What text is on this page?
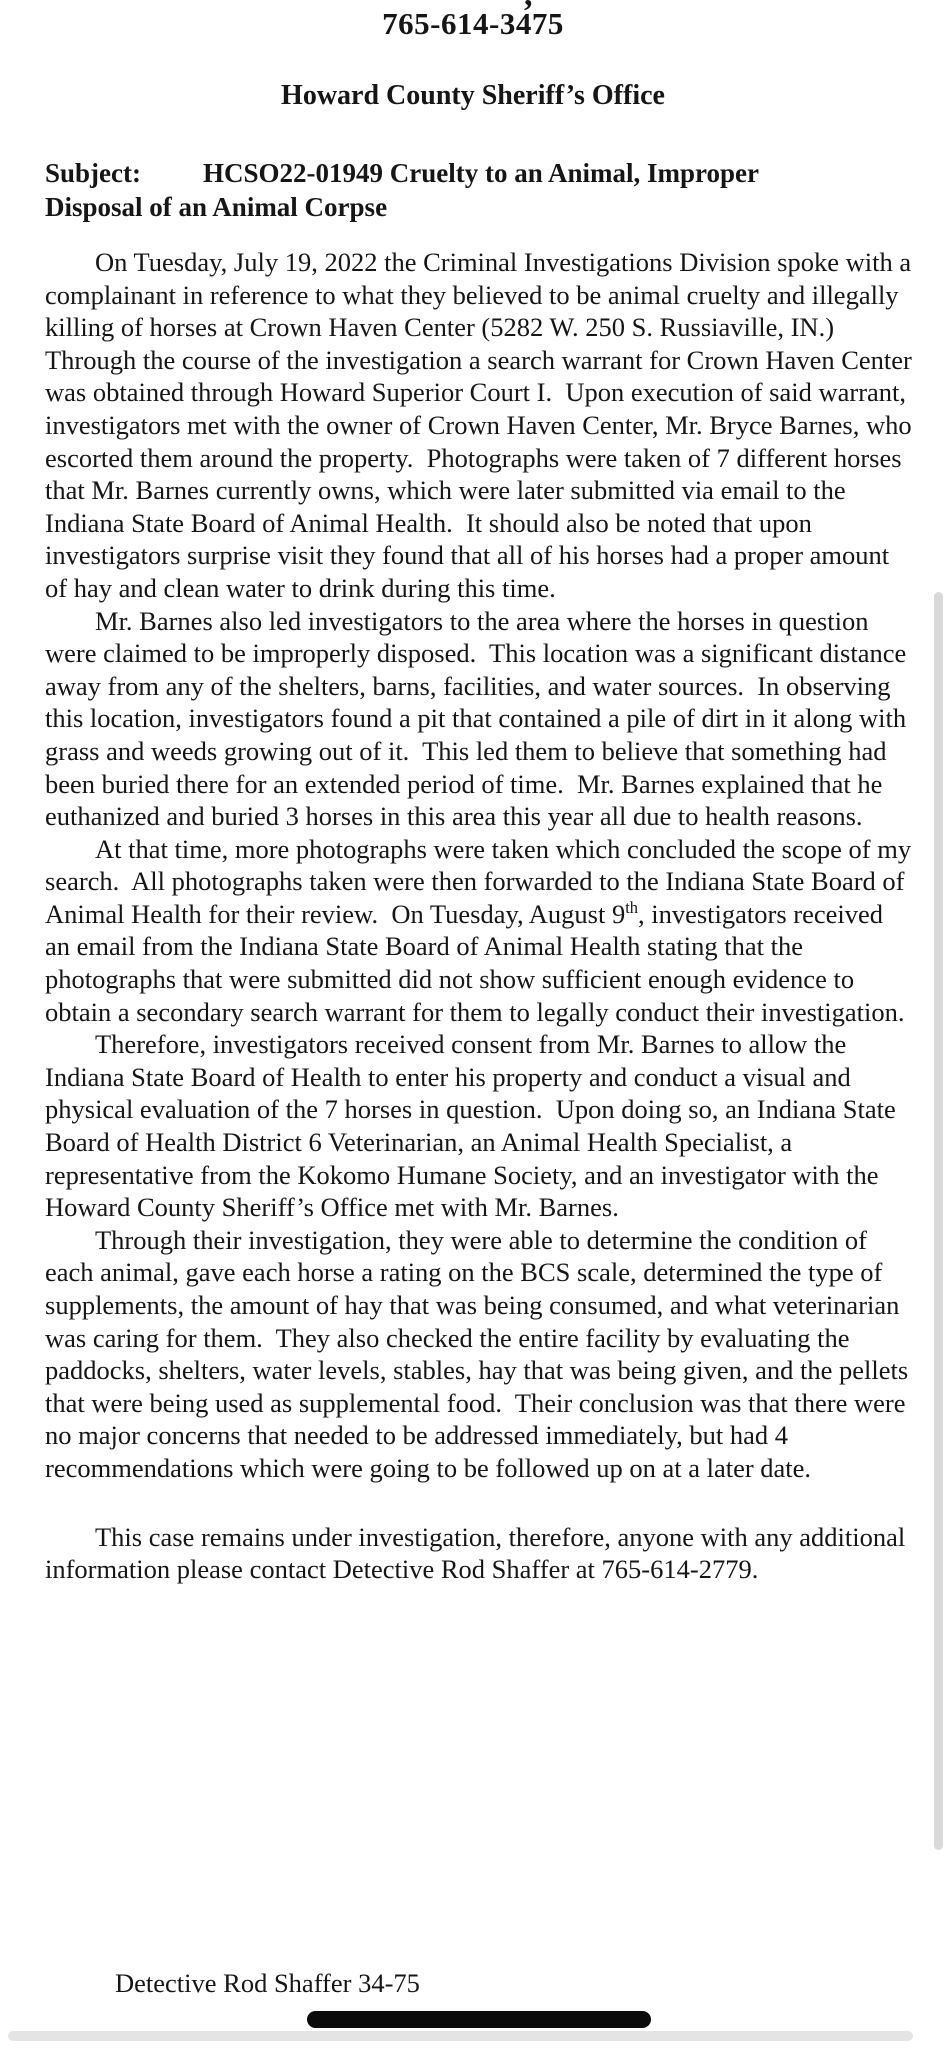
765-614-3475
Howard County Sheriff’s Office
Subject: HCSO22-01949 Cruelty to an Animal, Improper
Disposal of an Animal Corpse

On Tuesday, July 19, 2022 the Criminal Investigations Division spoke with a complainant in reference to what they believed to be animal cruelty and illegally killing of horses at Crown Haven Center (5282 W. 250 S. Russiaville, IN.)  Through the course of the investigation a search warrant for Crown Haven Center was obtained through Howard Superior Court I.  Upon execution of said warrant, investigators met with the owner of Crown Haven Center, Mr. Bryce Barnes, who escorted them around the property.  Photographs were taken of 7 different horses that Mr. Barnes currently owns, which were later submitted via email to the Indiana State Board of Animal Health.  It should also be noted that upon investigators surprise visit they found that all of his horses had a proper amount of hay and clean water to drink during this time.

Mr. Barnes also led investigators to the area where the horses in question were claimed to be improperly disposed.  This location was a significant distance away from any of the shelters, barns, facilities, and water sources.  In observing this location, investigators found a pit that contained a pile of dirt in it along with grass and weeds growing out of it.  This led them to believe that something had been buried there for an extended period of time.  Mr. Barnes explained that he euthanized and buried 3 horses in this area this year all due to health reasons.

At that time, more photographs were taken which concluded the scope of my search.  All photographs taken were then forwarded to the Indiana State Board of Animal Health for their review.  On Tuesday, August 9th, investigators received an email from the Indiana State Board of Animal Health stating that the photographs that were submitted did not show sufficient enough evidence to obtain a secondary search warrant for them to legally conduct their investigation.

Therefore, investigators received consent from Mr. Barnes to allow the Indiana State Board of Health to enter his property and conduct a visual and physical evaluation of the 7 horses in question.  Upon doing so, an Indiana State Board of Health District 6 Veterinarian, an Animal Health Specialist, a representative from the Kokomo Humane Society, and an investigator with the Howard County Sheriff’s Office met with Mr. Barnes.

Through their investigation, they were able to determine the condition of each animal, gave each horse a rating on the BCS scale, determined the type of supplements, the amount of hay that was being consumed, and what veterinarian was caring for them.  They also checked the entire facility by evaluating the paddocks, shelters, water levels, stables, hay that was being given, and the pellets that were being used as supplemental food.  Their conclusion was that there were no major concerns that needed to be addressed immediately, but had 4 recommendations which were going to be followed up on at a later date.

This case remains under investigation, therefore, anyone with any additional information please contact Detective Rod Shaffer at 765-614-2779.

Detective Rod Shaffer 34-75
